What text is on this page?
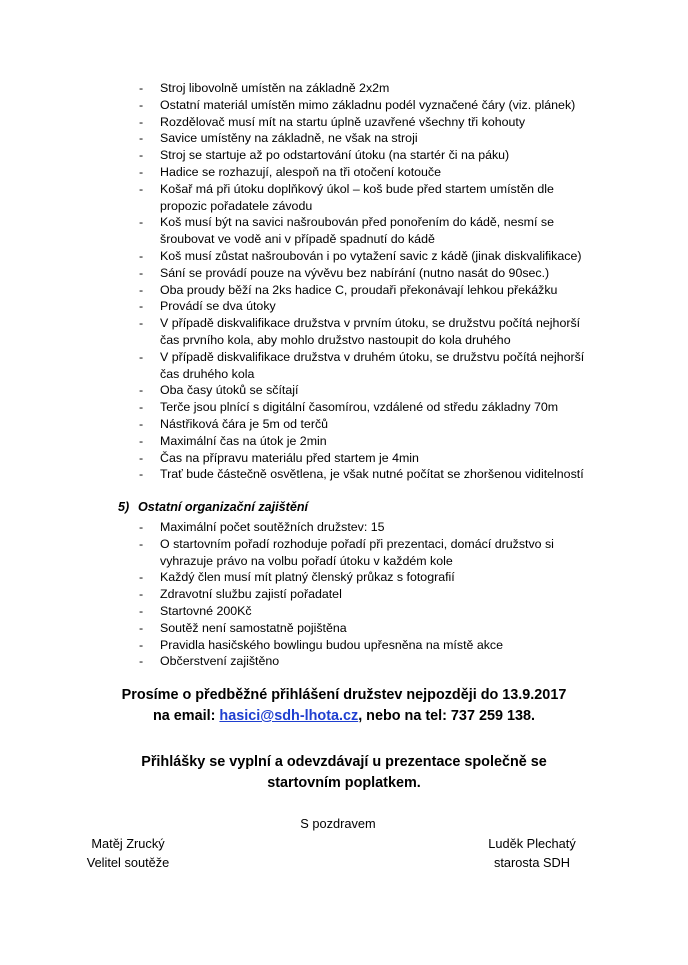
- Stroj libovolně umístěn na základně 2x2m
- Ostatní materiál umístěn mimo základnu podél vyznačené čáry (viz. plánek)
- Rozdělovač musí mít na startu úplně uzavřené všechny tři kohouty
- Savice umístěny na základně, ne však na stroji
- Stroj se startuje až po odstartování útoku (na startér či na páku)
- Hadice se rozhazují, alespoň na tři otočení kotouče
- Košař má při útoku doplňkový úkol – koš bude před startem umístěn dle
propozic pořadatele závodu
- Koš musí být na savici našroubován před ponořením do kádě, nesmí se
šroubovat ve vodě ani v případě spadnutí do kádě
- Koš musí zůstat našroubován i po vytažení savic z kádě (jinak diskvalifikace)
- Sání se provádí pouze na vývěvu bez nabírání (nutno nasát do 90sec.)
- Oba proudy běží na 2ks hadice C, proudaři překonávají lehkou překážku
- Provádí se dva útoky
- V případě diskvalifikace družstva v prvním útoku, se družstvu počítá nejhorší
čas prvního kola, aby mohlo družstvo nastoupit do kola druhého
- V případě diskvalifikace družstva v druhém útoku, se družstvu počítá nejhorší
čas druhého kola
- Oba časy útoků se sčítají
- Terče jsou plnící s digitální časomírou, vzdálené od středu základny 70m
- Nástřiková čára je 5m od terčů
- Maximální čas na útok je 2min
- Čas na přípravu materiálu před startem je 4min
- Trať bude částečně osvětlena, je však nutné počítat se zhoršenou viditelností
5) Ostatní organizační zajištění
- Maximální počet soutěžních družstev: 15
- O startovním pořadí rozhoduje pořadí při prezentaci, domácí družstvo si
vyhrazuje právo na volbu pořadí útoku v každém kole
- Každý člen musí mít platný členský průkaz s fotografií
- Zdravotní službu zajistí pořadatel
- Startovné 200Kč
- Soutěž není samostatně pojištěna
- Pravidla hasičského bowlingu budou upřesněna na místě akce
- Občerstvení zajištěno
Prosíme o předběžné přihlášení družstev nejpozději do 13.9.2017
na email: hasici@sdh-lhota.cz, nebo na tel: 737 259 138.
Přihlášky se vyplní a odevzdávají u prezentace společně se
startovním poplatkem.
S pozdravem
Matěj Zrucký
Velitel soutěže
Luděk Plechatý
starosta SDH
